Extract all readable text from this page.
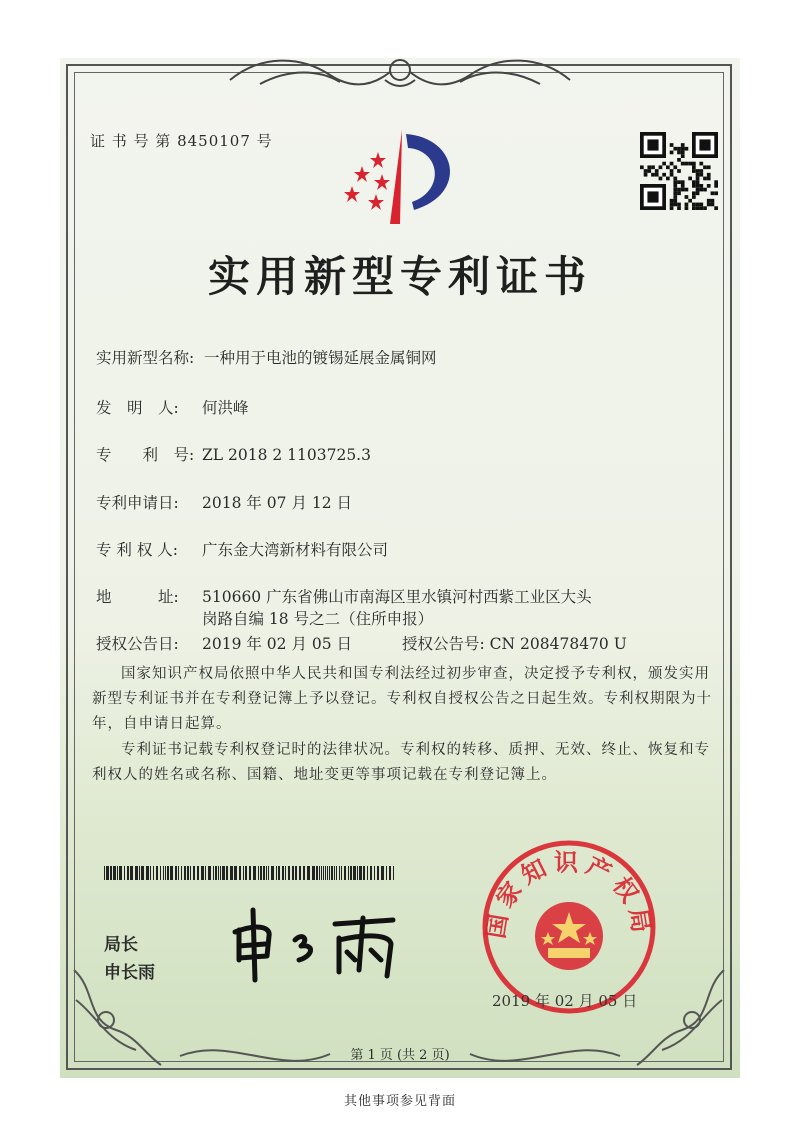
证 书 号 第 8450107 号
实用新型专利证书
实用新型名称: 一种用于电池的镀锡延展金属铜网
发　明　人: 何洪峰
专　　利　号: ZL 2018 2 1103725.3
专利申请日: 2018 年 07 月 12 日
专 利 权 人: 广东金大湾新材料有限公司
地　　　址: 510660 广东省佛山市南海区里水镇河村西紫工业区大头
岗路自编 18 号之二（住所申报）
授权公告日: 2019 年 02 月 05 日	授权公告号: CN 208478470 U
国家知识产权局依照中华人民共和国专利法经过初步审查，决定授予专利权，颁发实用新型专利证书并在专利登记簿上予以登记。专利权自授权公告之日起生效。专利权期限为十年，自申请日起算。
专利证书记载专利权登记时的法律状况。专利权的转移、质押、无效、终止、恢复和专利权人的姓名或名称、国籍、地址变更等事项记载在专利登记簿上。
局长
申长雨
国家知识产权局
2019 年 02 月 05 日
第 1 页 (共 2 页)
其他事项参见背面
